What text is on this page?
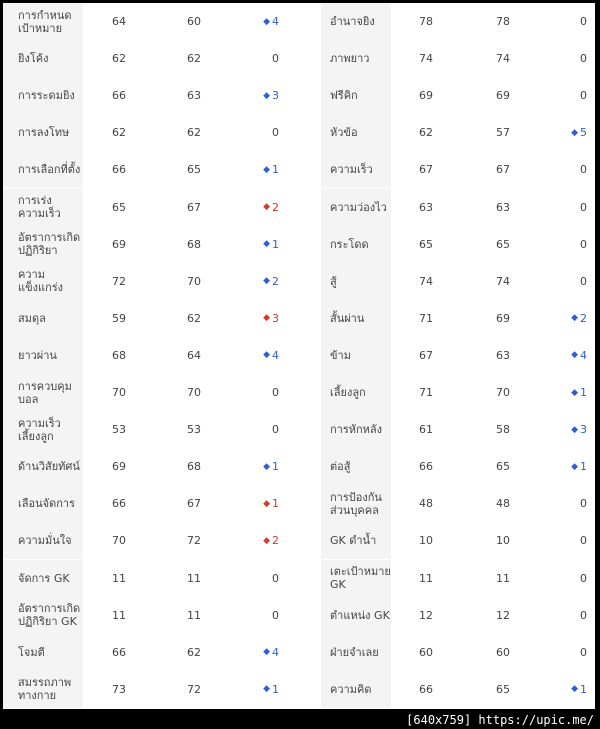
การกำหนดเป้าหมาย	64	60	◆ 4	อำนาจยิง	78	78	0
ยิงโค้ง	62	62	0	ภาพยาว	74	74	0
การระดมยิง	66	63	◆ 3	ฟรีคิก	69	69	0
การลงโทษ	62	62	0	หัวข้อ	62	57	◆ 5
การเลือกที่ตั้ง	66	65	◆ 1	ความเร็ว	67	67	0
การเร่งความเร็ว	65	67	◆ 2	ความว่องไว	63	63	0
อัตราการเกิดปฏิกิริยา	69	68	◆ 1	กระโดด	65	65	0
ความแข็งแกร่ง	72	70	◆ 2	สู้	74	74	0
สมดุล	59	62	◆ 3	สั้นผ่าน	71	69	◆ 2
ยาวผ่าน	68	64	◆ 4	ข้าม	67	63	◆ 4
การควบคุมบอล	70	70	0	เลี้ยงลูก	71	70	◆ 1
ความเร็วเลี้ยงลูก	53	53	0	การหักหลัง	61	58	◆ 3
ด้านวิสัยทัศน์	69	68	◆ 1	ต่อสู้	66	65	◆ 1
เลือนจัดการ	66	67	◆ 1	การป้องกันส่วนบุคคล	48	48	0
ความมั่นใจ	70	72	◆ 2	GK ดำน้ำ	10	10	0
จัดการ GK	11	11	0	เตะเป้าหมาย GK	11	11	0
อัตราการเกิดปฏิกิริยา GK	11	11	0	ตำแหน่ง GK	12	12	0
โจมตี	66	62	◆ 4	ฝ่ายจำเลย	60	60	0
สมรรถภาพทางกาย	73	72	◆ 1	ความคิด	66	65	◆ 1
[640x759] https://upic.me/
